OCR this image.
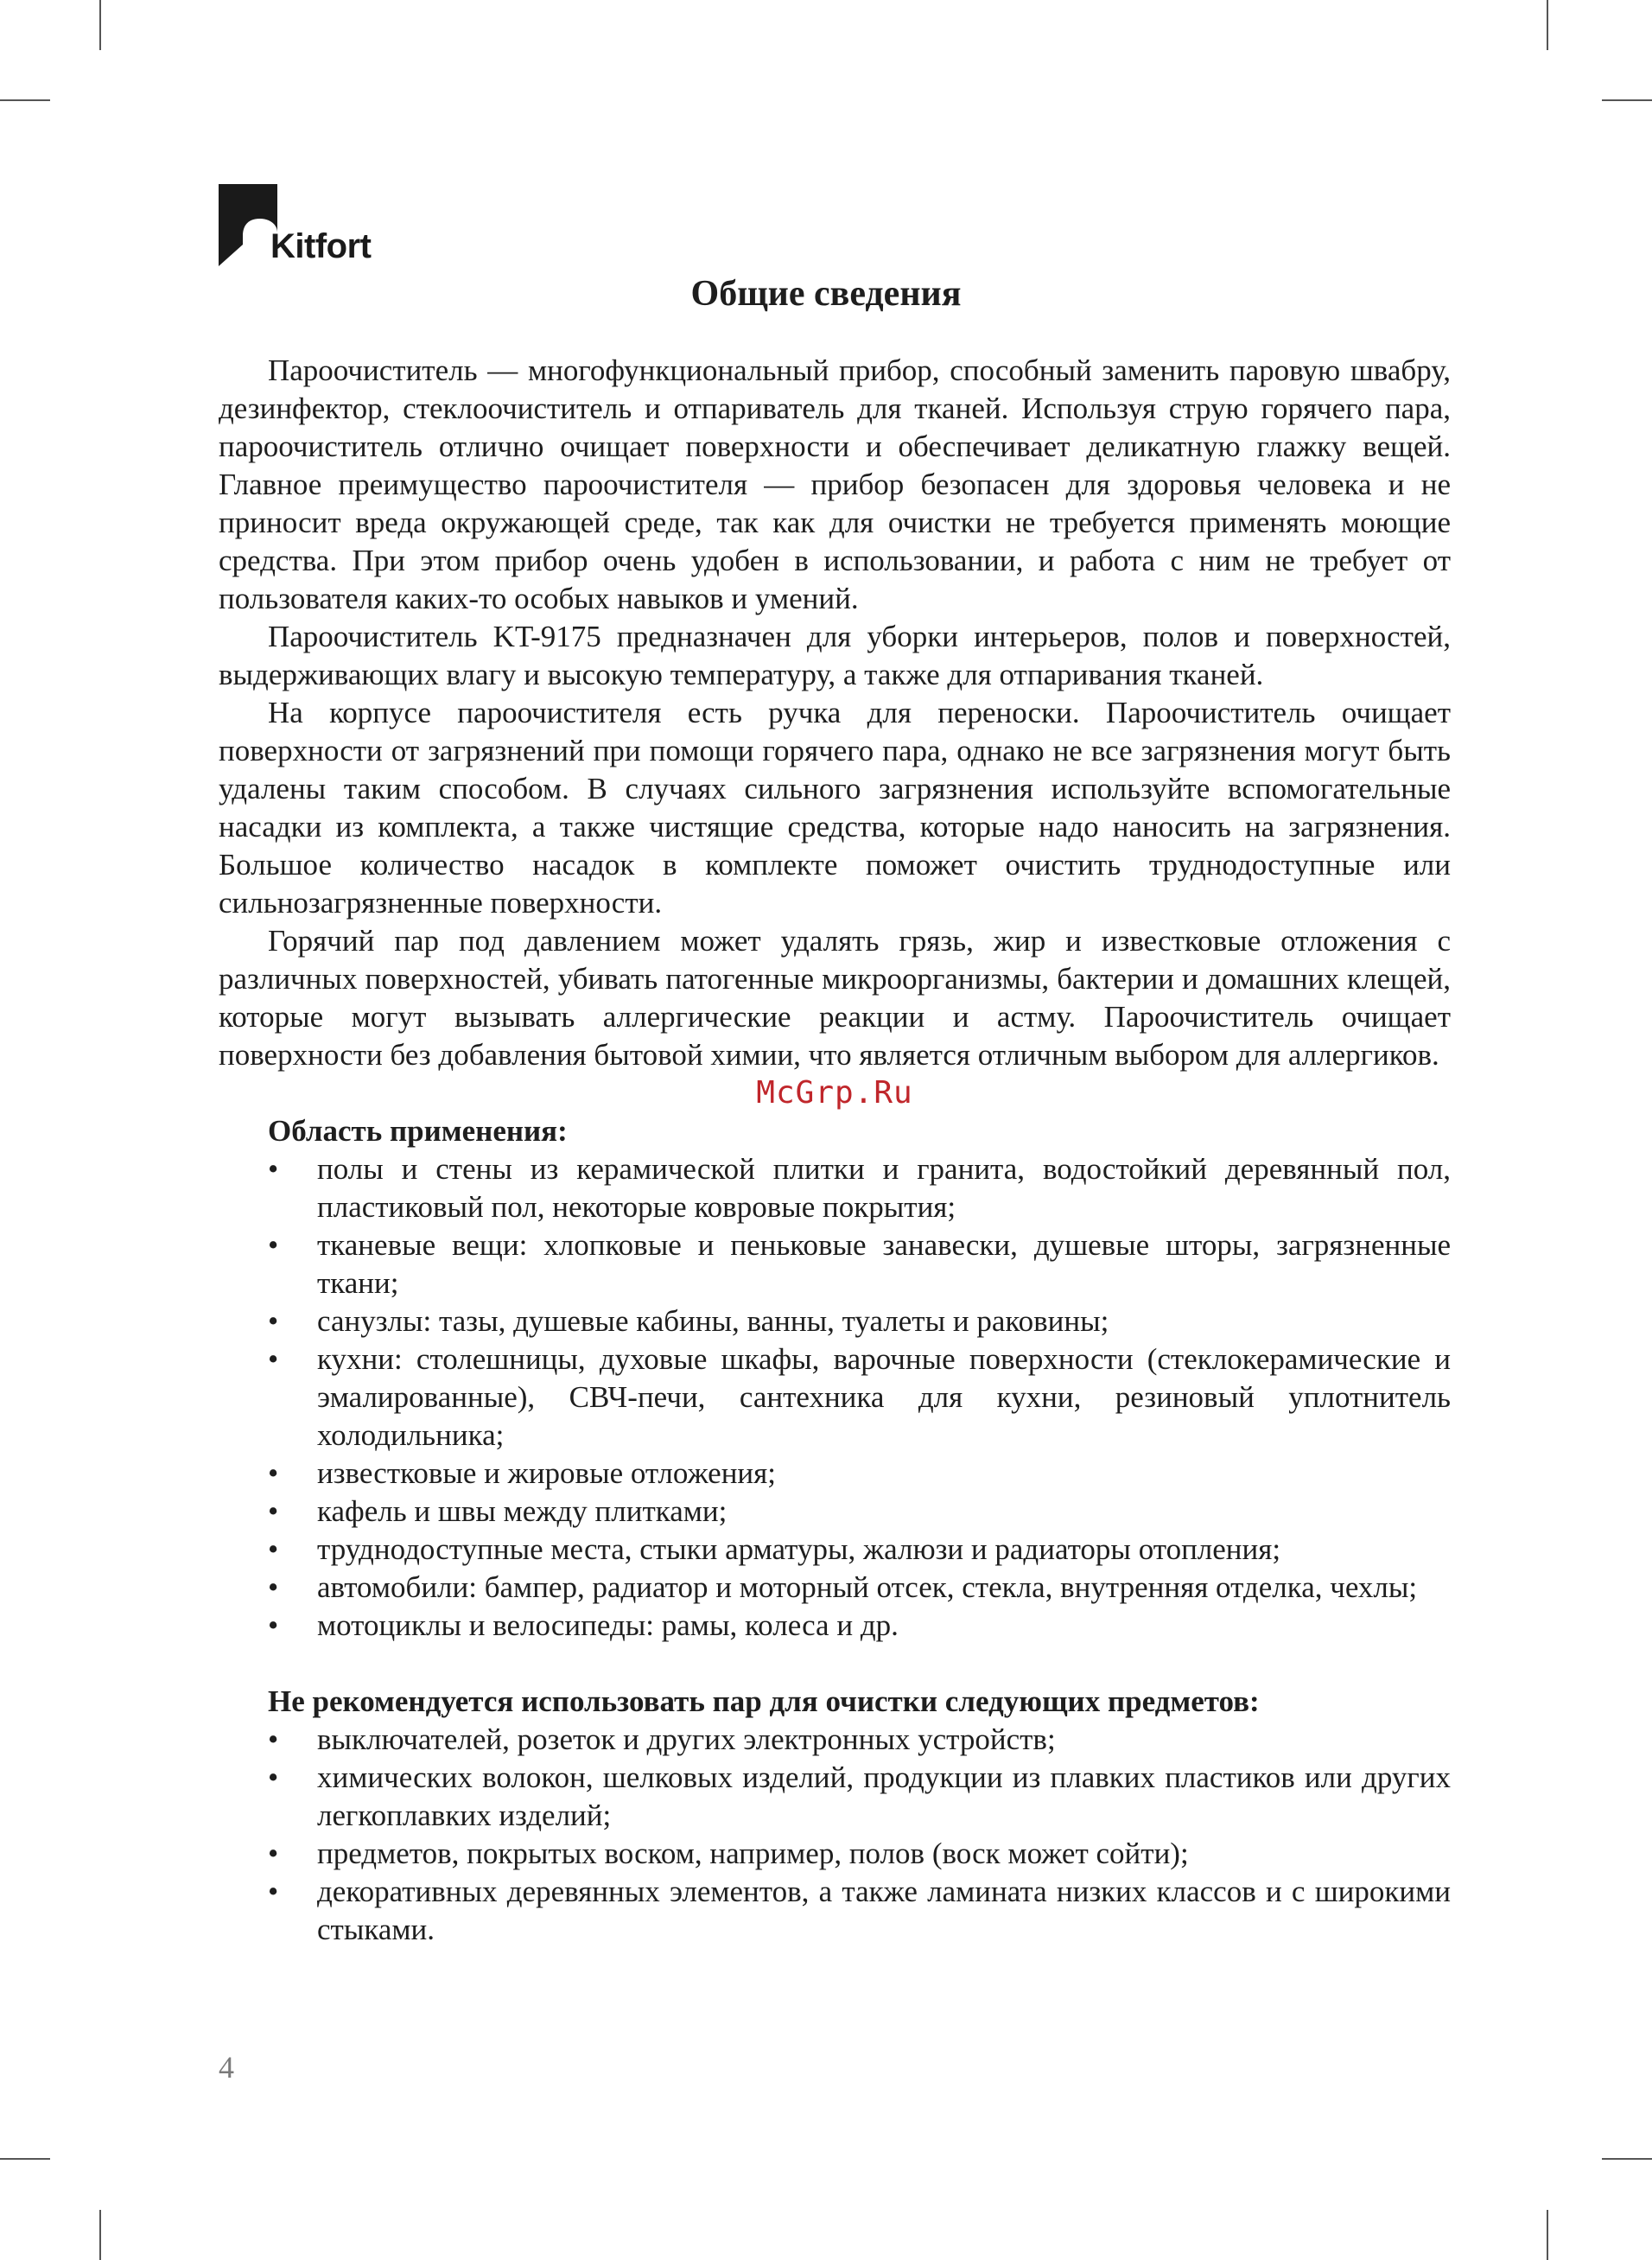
Kitfort
Общие сведения

Пароочиститель — многофункциональный прибор, способный заменить паровую швабру, дезинфектор, стеклоочиститель и отпариватель для тканей. Используя струю горячего пара, пароочиститель отлично очищает поверхности и обеспечивает деликатную глажку вещей. Главное преимущество пароочистителя — прибор безопасен для здоровья человека и не приносит вреда окружающей среде, так как для очистки не требуется применять моющие средства. При этом прибор очень удобен в использовании, и работа с ним не требует от пользователя каких-то особых навыков и умений.

Пароочиститель KT-9175 предназначен для уборки интерьеров, полов и поверхностей, выдерживающих влагу и высокую температуру, а также для отпаривания тканей.

На корпусе пароочистителя есть ручка для переноски. Пароочиститель очищает поверхности от загрязнений при помощи горячего пара, однако не все загрязнения могут быть удалены таким способом. В случаях сильного загрязнения используйте вспомогательные насадки из комплекта, а также чистящие средства, которые надо наносить на загрязнения. Большое количество насадок в комплекте поможет очистить труднодоступные или сильнозагрязненные поверхности.

Горячий пар под давлением может удалять грязь, жир и известковые отложения с различных поверхностей, убивать патогенные микроорганизмы, бактерии и домашних клещей, которые могут вызывать аллергические реакции и астму. Пароочиститель очищает поверхности без добавления бытовой химии, что является отличным выбором для аллергиков.

McGrp.Ru
Область применения:
• полы и стены из керамической плитки и гранита, водостойкий деревянный пол, пластиковый пол, некоторые ковровые покрытия;
• тканевые вещи: хлопковые и пеньковые занавески, душевые шторы, загрязненные ткани;
• санузлы: тазы, душевые кабины, ванны, туалеты и раковины;
• кухни: столешницы, духовые шкафы, варочные поверхности (стеклокерамические и эмалированные), СВЧ-печи, сантехника для кухни, резиновый уплотнитель холодильника;
• известковые и жировые отложения;
• кафель и швы между плитками;
• труднодоступные места, стыки арматуры, жалюзи и радиаторы отопления;
• автомобили: бампер, радиатор и моторный отсек, стекла, внутренняя отделка, чехлы;
• мотоциклы и велосипеды: рамы, колеса и др.
Не рекомендуется использовать пар для очистки следующих предметов:
• выключателей, розеток и других электронных устройств;
• химических волокон, шелковых изделий, продукции из плавких пластиков или других легкоплавких изделий;
• предметов, покрытых воском, например, полов (воск может сойти);
• декоративных деревянных элементов, а также ламината низких классов и с широкими стыками.
4
